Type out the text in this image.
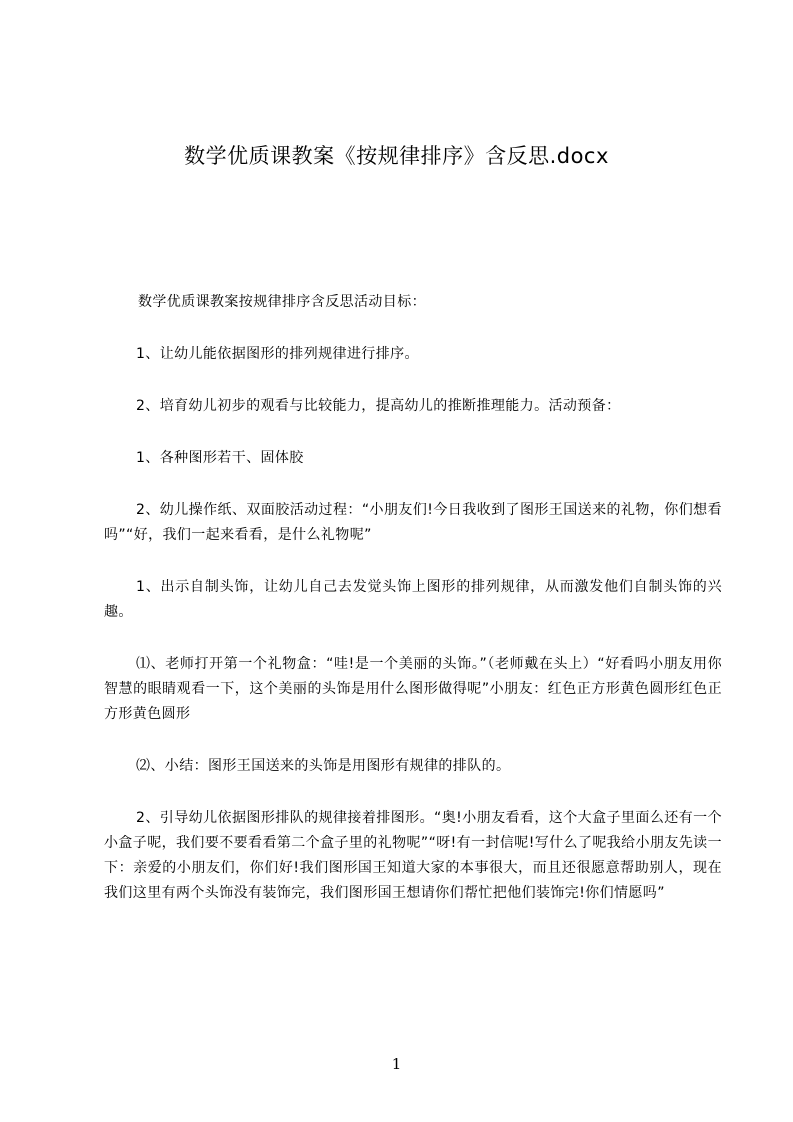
数学优质课教案《按规律排序》含反思.docx

数学优质课教案按规律排序含反思活动目标：

1、让幼儿能依据图形的排列规律进行排序。

2、培育幼儿初步的观看与比较能力，提高幼儿的推断推理能力。活动预备：

1、各种图形若干、固体胶

2、幼儿操作纸、双面胶活动过程：“小朋友们!今日我收到了图形王国送来的礼物，你们想看吗”“好，我们一起来看看，是什么礼物呢”

1、出示自制头饰，让幼儿自己去发觉头饰上图形的排列规律，从而激发他们自制头饰的兴趣。

⑴、老师打开第一个礼物盒：“哇!是一个美丽的头饰。”（老师戴在头上）“好看吗小朋友用你智慧的眼睛观看一下，这个美丽的头饰是用什么图形做得呢”小朋友：红色正方形黄色圆形红色正方形黄色圆形

⑵、小结：图形王国送来的头饰是用图形有规律的排队的。

2、引导幼儿依据图形排队的规律接着排图形。“奥!小朋友看看，这个大盒子里面么还有一个小盒子呢，我们要不要看看第二个盒子里的礼物呢”“呀!有一封信呢!写什么了呢我给小朋友先读一下：亲爱的小朋友们，你们好!我们图形国王知道大家的本事很大，而且还很愿意帮助别人，现在我们这里有两个头饰没有装饰完，我们图形国王想请你们帮忙把他们装饰完!你们情愿吗”

1
